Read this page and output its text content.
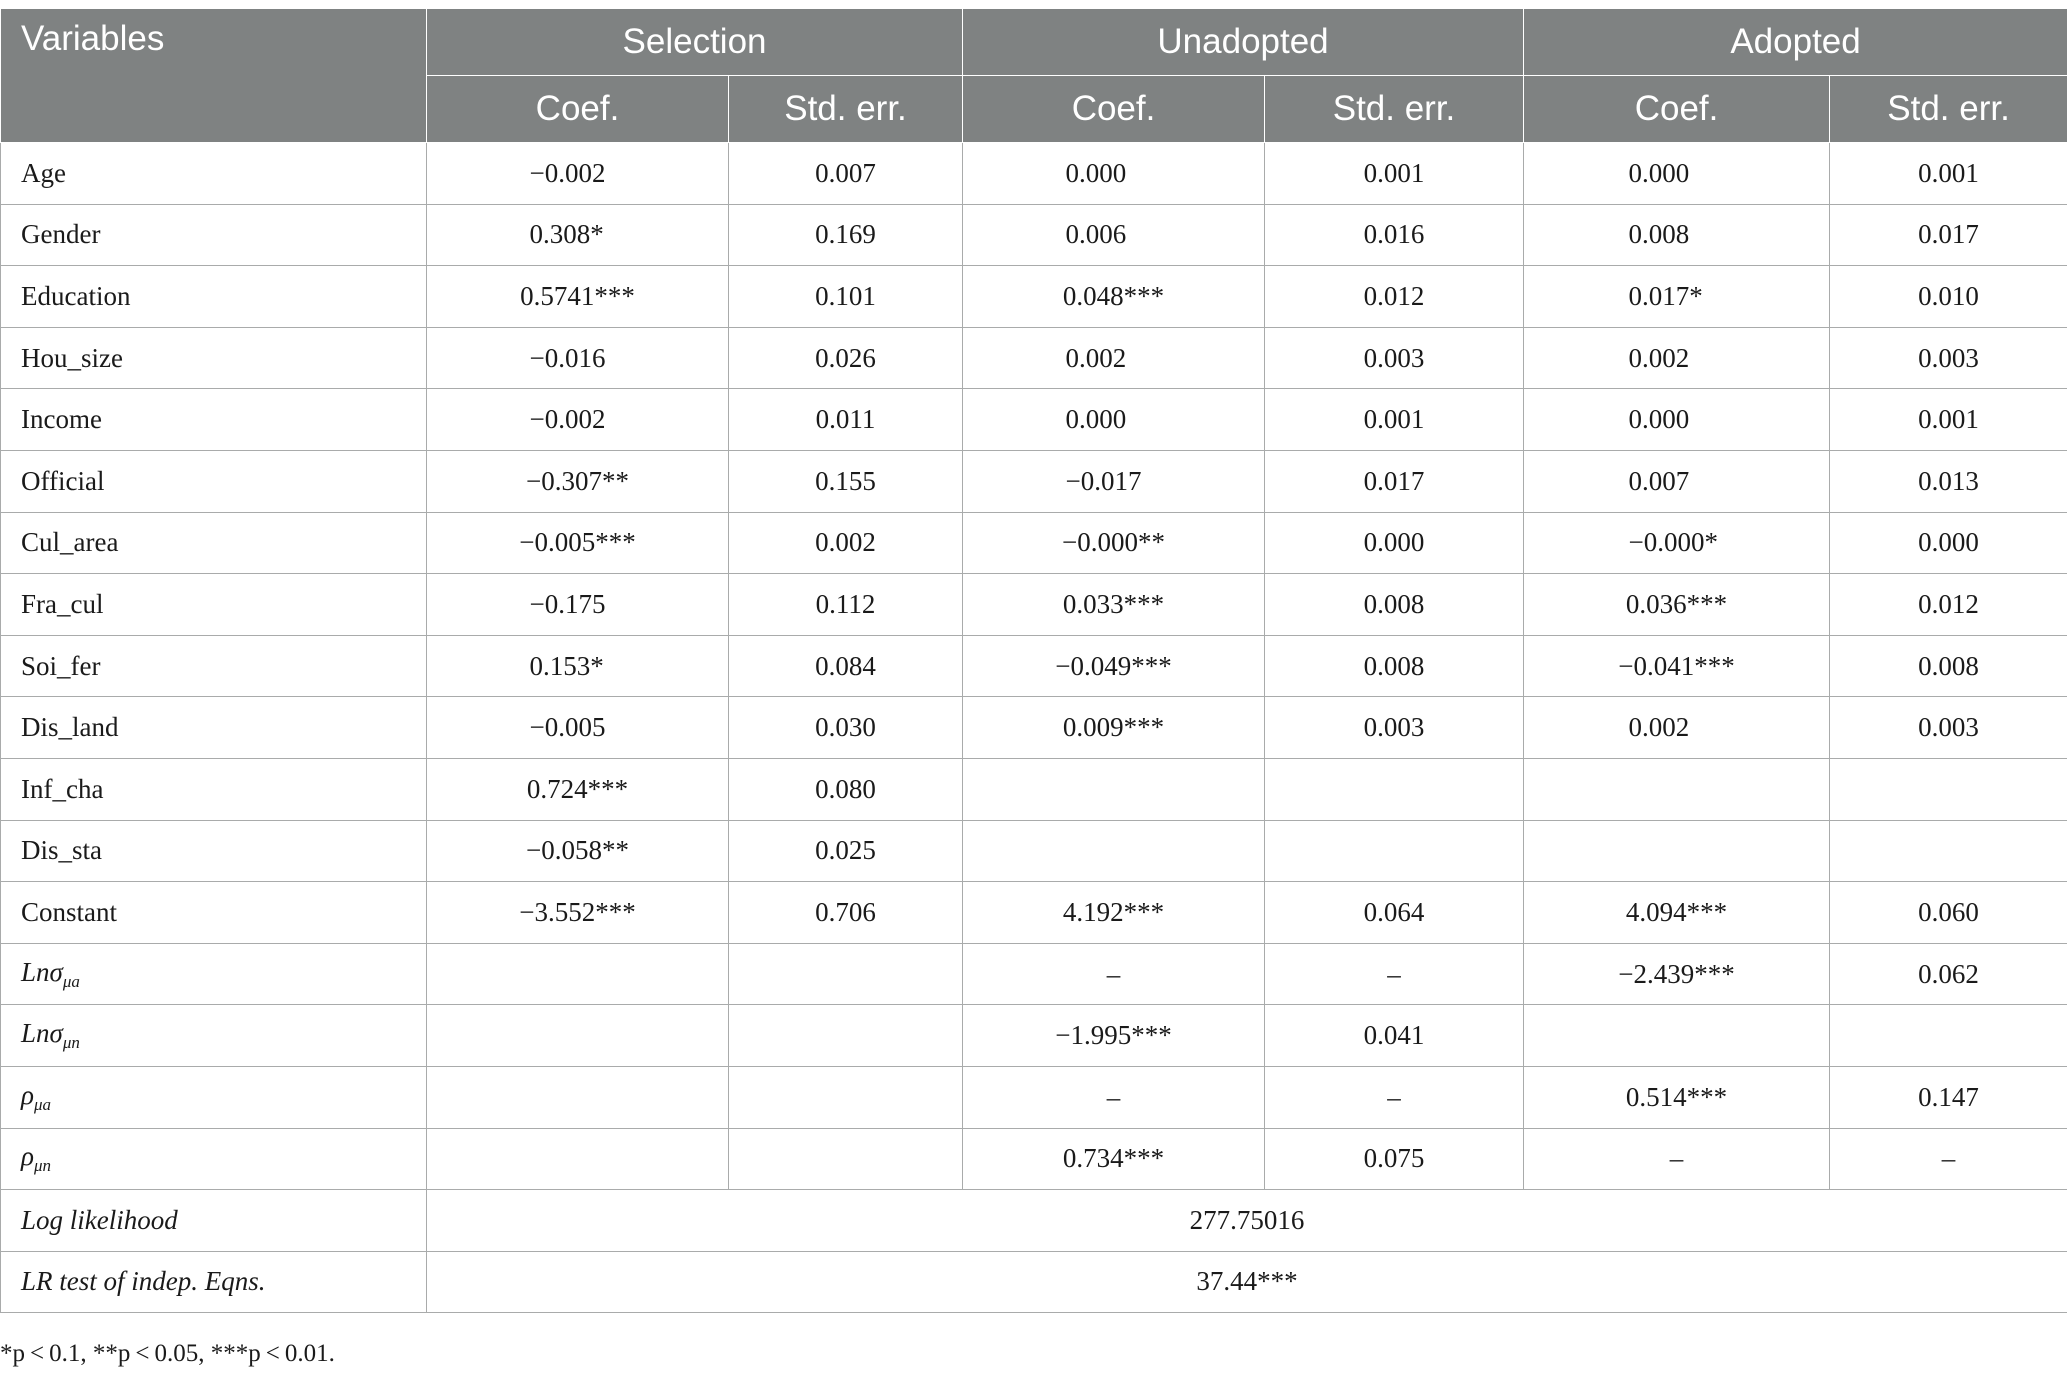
Variables	Selection		Unadopted		Adopted	
	Coef.	Std. err.	Coef.	Std. err.	Coef.	Std. err.
Age	−0.002	0.007	0.000	0.001	0.000	0.001
Gender	0.308*	0.169	0.006	0.016	0.008	0.017
Education	0.5741***	0.101	0.048***	0.012	0.017*	0.010
Hou_size	−0.016	0.026	0.002	0.003	0.002	0.003
Income	−0.002	0.011	0.000	0.001	0.000	0.001
Official	−0.307**	0.155	−0.017	0.017	0.007	0.013
Cul_area	−0.005***	0.002	−0.000**	0.000	−0.000*	0.000
Fra_cul	−0.175	0.112	0.033***	0.008	0.036***	0.012
Soi_fer	0.153*	0.084	−0.049***	0.008	−0.041***	0.008
Dis_land	−0.005	0.030	0.009***	0.003	0.002	0.003
Inf_cha	0.724***	0.080				
Dis_sta	−0.058**	0.025				
Constant	−3.552***	0.706	4.192***	0.064	4.094***	0.060
Lnσ$_{\mu a}$			–	–	−2.439***	0.062
Lnσ$_{\mu n}$			−1.995***	0.041		
$\rho_{\mu a}$			–	–	0.514***	0.147
$\rho_{\mu n}$			0.734***	0.075	–	–
Log likelihood	277.75016					
LR test of indep. Eqns.	37.44***					
*p < 0.1, **p < 0.05, ***p < 0.01.
